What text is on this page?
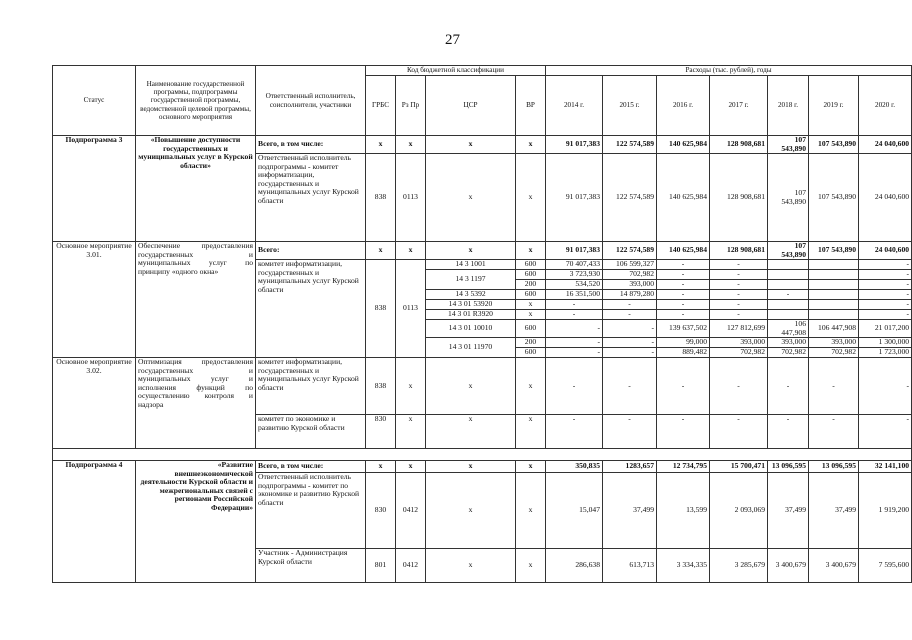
27
Статус	Наименование государственной программы, подпрограммы государственной программы, ведомственной целевой программы, основного мероприятия	Ответственный исполнитель, соисполнители, участники	Код бюджетной классификации				Расходы (тыс. рублей), годы						
			ГРБС	Рз Пр	ЦСР	ВР	2014 г.	2015 г.	2016 г.	2017 г.	2018 г.	2019 г.	2020 г.
Подпрограмма 3	«Повышение доступности государственных и муниципальных услуг в Курской области»	Всего, в том числе:	х	х	х	х	91 017,383	122 574,589	140 625,984	128 908,681	107 543,890	107 543,890	24 040,600
		Ответственный исполнитель подпрограммы - комитет информатизации, государственных и муниципальных услуг Курской области	838	0113	х	х	91 017,383	122 574,589	140 625,984	128 908,681	107 543,890	107 543,890	24 040,600
Основное мероприятие 3.01.	Обеспечение предоставления государственных и муниципальных услуг по принципу «одного окна»	Всего:	х	х	х	х	91 017,383	122 574,589	140 625,984	128 908,681	107 543,890	107 543,890	24 040,600
		комитет информатизации, государственных и муниципальных услуг Курской области	838	0113	14 3 1001	600	70 407,433	106 599,327	-	-			-
					14 3 1197	600	3 723,930	702,982	-	-			-
						200	534,520	393,000	-	-			-
					14 3 5392	600	16 351,500	14 879,280	-	-	-		-
					14 3 01 53920	х	-	-	-	-			-
					14 3 01 R3920	х	-	-	-	-			-
					14 3 01 10010	600	-	-	139 637,502	127 812,699	106 447,908	106 447,908	21 017,200
					14 3 01 11970	200	-	-	99,000	393,000	393,000	393,000	1 300,000
						600	-	-	889,482	702,982	702,982	702,982	1 723,000
Основное мероприятие 3.02.	Оптимизация предоставления государственных и муниципальных услуг и исполнения функций по осуществлению контроля и надзора	комитет информатизации, государственных и муниципальных услуг Курской области	838	х	х	х	-	-	-	-	-	-	-
		комитет по экономике и развитию Курской области	830	х	х	х	-	-	-	-	-	-	-

Подпрограмма 4	«Развитие внешнеэкономической деятельности Курской области и межрегиональных связей с регионами Российской Федерации»	Всего, в том числе:	х	х	х	х	350,835	1283,657	12 734,795	15 700,471	13 096,595	13 096,595	32 141,100
		Ответственный исполнитель подпрограммы - комитет по экономике и развитию Курской области	830	0412	х	х	15,047	37,499	13,599	2 093,069	37,499	37,499	1 919,200
		Участник - Администрация Курской области	801	0412	х	х	286,638	613,713	3 334,335	3 285,679	3 400,679	3 400,679	7 595,600
